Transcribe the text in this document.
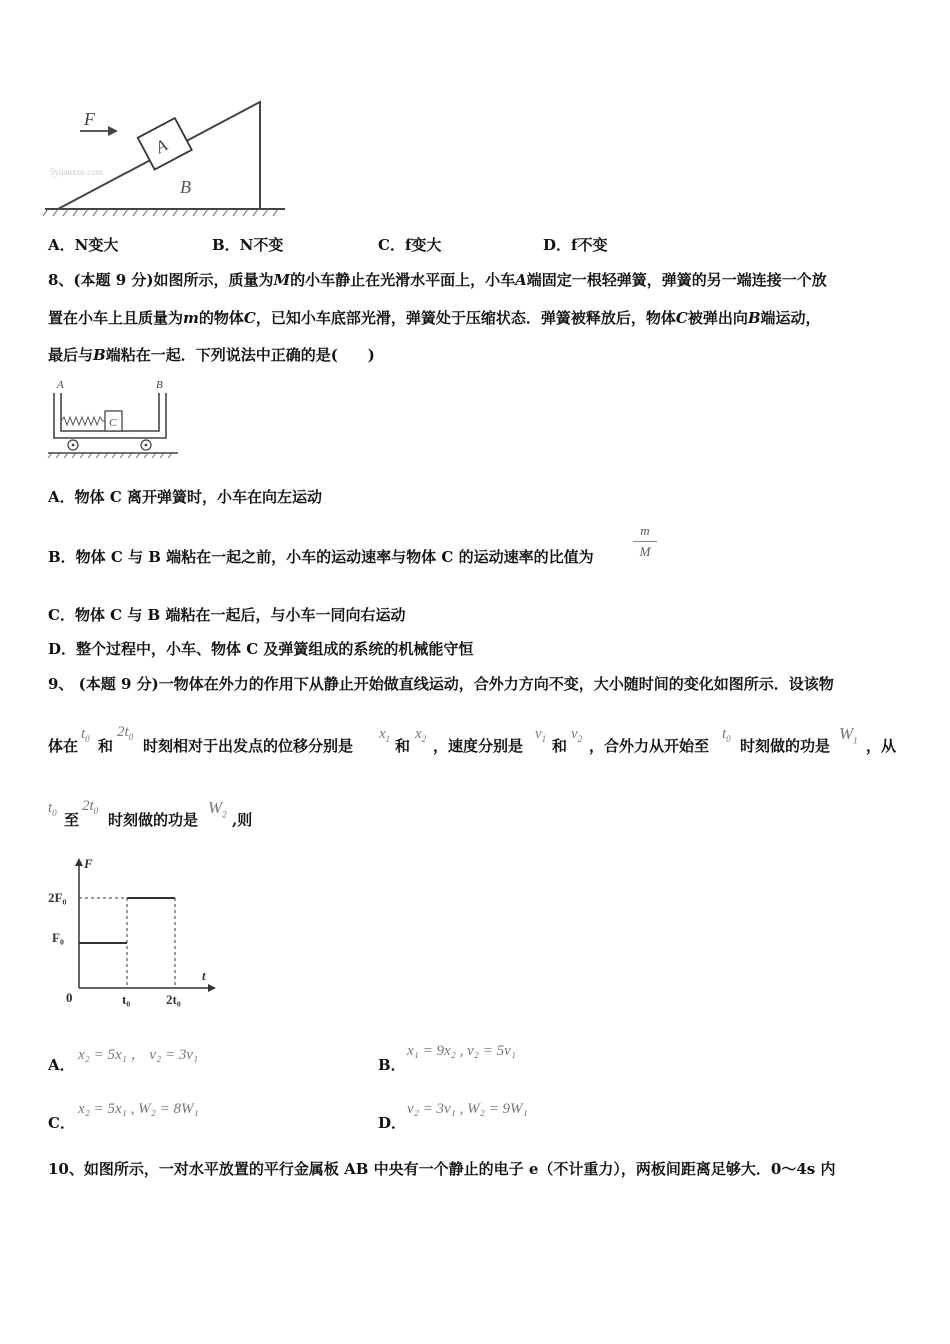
A
F
B
5yuanxue.com
A．N变大	B．N不变	C．f变大	D．f不变
8、(本题 9 分)如图所示，质量为M的小车静止在光滑水平面上，小车A端固定一根轻弹簧，弹簧的另一端连接一个放
置在小车上且质量为m的物体C，已知小车底部光滑，弹簧处于压缩状态．弹簧被释放后，物体C被弹出向B端运动，
最后与B端粘在一起．下列说法中正确的是(　　)
A	B
C
A．物体 C 离开弹簧时，小车在向左运动
B．物体 C 与 B 端粘在一起之前，小车的运动速率与物体 C 的运动速率的比值为
m
M
C．物体 C 与 B 端粘在一起后，与小车一同向右运动
D．整个过程中，小车、物体 C 及弹簧组成的系统的机械能守恒
9、 (本题 9 分)一物体在外力的作用下从静止开始做直线运动，合外力方向不变，大小随时间的变化如图所示．设该物
体在
$t_0$ 和
$2t_0$ 时刻相对于出发点的位移分别是
$x_1$ 和
$x_2$ ，速度分别是
$v_1$ 和
$v_2$ ，合外力从开始至
$t_0$ 时刻做的功是
$W_1$ ，从
$t_0$ 至
$2t_0$ 时刻做的功是
$W_2$ ,则
F
t
0
2F₀
F₀
t₀	2t₀
A．
x₂ = 5x₁ ， v₂ = 3v₁
B．
x₁ = 9x₂ , v₂ = 5v₁
C．
x₂ = 5x₁ , W₂ = 8W₁
D．
v₂ = 3v₁ , W₂ = 9W₁
10、如图所示，一对水平放置的平行金属板 AB 中央有一个静止的电子 e（不计重力），两板间距离足够大．0～4s 内
